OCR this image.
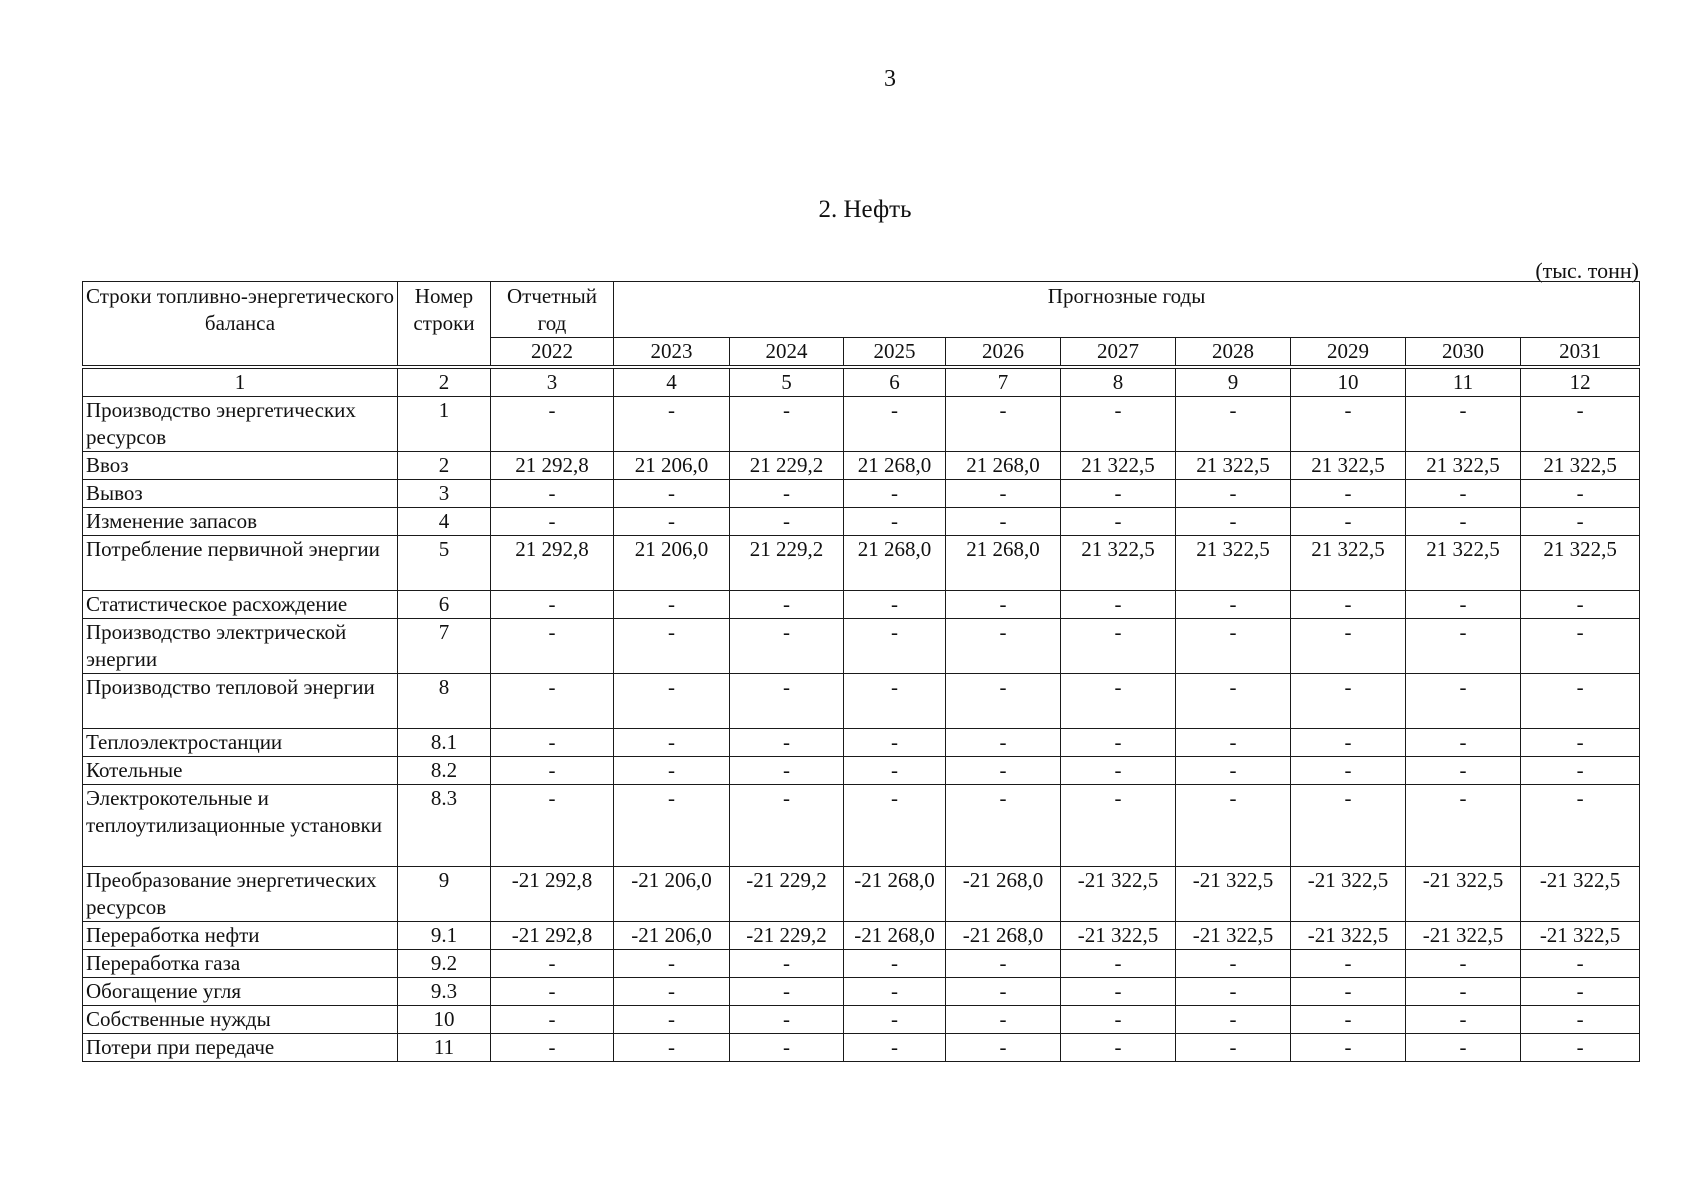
3
2. Нефть
(тыс. тонн)
Строки топливно-энергетического баланса	Номер строки	Отчетный год	Прогнозные годы								
		2022	2023	2024	2025	2026	2027	2028	2029	2030	2031

1	2	3	4	5	6	7	8	9	10	11	12
Производство энергетических ресурсов	1	-	-	-	-	-	-	-	-	-	-
Ввоз	2	21 292,8	21 206,0	21 229,2	21 268,0	21 268,0	21 322,5	21 322,5	21 322,5	21 322,5	21 322,5
Вывоз	3	-	-	-	-	-	-	-	-	-	-
Изменение запасов	4	-	-	-	-	-	-	-	-	-	-
Потребление первичной энергии	5	21 292,8	21 206,0	21 229,2	21 268,0	21 268,0	21 322,5	21 322,5	21 322,5	21 322,5	21 322,5
Статистическое расхождение	6	-	-	-	-	-	-	-	-	-	-
Производство электрической энергии	7	-	-	-	-	-	-	-	-	-	-
Производство тепловой энергии	8	-	-	-	-	-	-	-	-	-	-
Теплоэлектростанции	8.1	-	-	-	-	-	-	-	-	-	-
Котельные	8.2	-	-	-	-	-	-	-	-	-	-
Электрокотельные и теплоутилизационные установки	8.3	-	-	-	-	-	-	-	-	-	-
Преобразование энергетических ресурсов	9	-21 292,8	-21 206,0	-21 229,2	-21 268,0	-21 268,0	-21 322,5	-21 322,5	-21 322,5	-21 322,5	-21 322,5
Переработка нефти	9.1	-21 292,8	-21 206,0	-21 229,2	-21 268,0	-21 268,0	-21 322,5	-21 322,5	-21 322,5	-21 322,5	-21 322,5
Переработка газа	9.2	-	-	-	-	-	-	-	-	-	-
Обогащение угля	9.3	-	-	-	-	-	-	-	-	-	-
Собственные нужды	10	-	-	-	-	-	-	-	-	-	-
Потери при передаче	11	-	-	-	-	-	-	-	-	-	-
